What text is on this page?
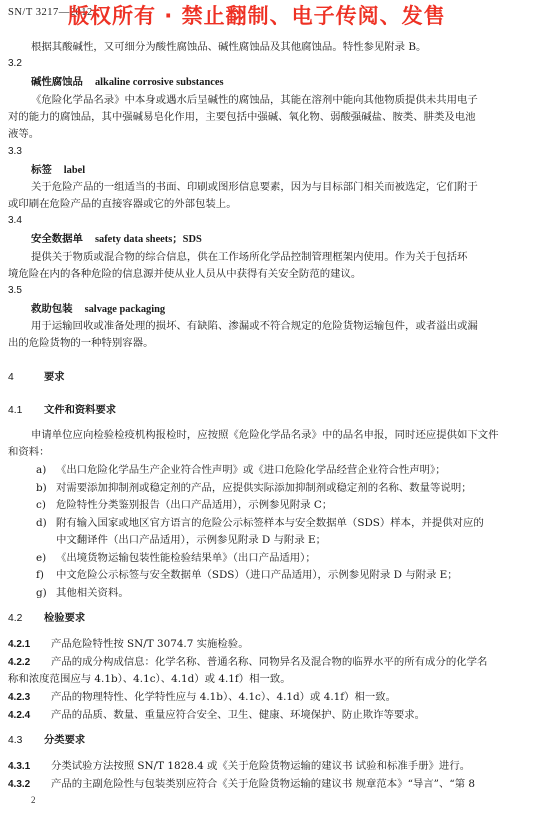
SN/T 3217—2012
版权所有 · 禁止翻制、电子传阅、发售
根据其酸碱性，又可细分为酸性腐蚀品、碱性腐蚀品及其他腐蚀品。特性参见附录 B。
3.2
碱性腐蚀品 alkaline corrosive substances
《危险化学品名录》中本身或遇水后呈碱性的腐蚀品，其能在溶剂中能向其他物质提供未共用电子
对的能力的腐蚀品，其中强碱易皂化作用，主要包括中强碱、氧化物、弱酸强碱盐、胺类、肼类及电池
液等。
3.3
标签 label
关于危险产品的一组适当的书面、印刷或图形信息要素，因为与目标部门相关而被选定，它们附于
或印刷在危险产品的直接容器或它的外部包装上。
3.4
安全数据单 safety data sheets；SDS
提供关于物质或混合物的综合信息，供在工作场所化学品控制管理框架内使用。作为关于包括环
境危险在内的各种危险的信息源并使从业人员从中获得有关安全防范的建议。
3.5
救助包装 salvage packaging
用于运输回收或准备处理的损坏、有缺陷、渗漏或不符合规定的危险货物运输包件，或者溢出或漏
出的危险货物的一种特别容器。
4	要求
4.1 文件和资料要求
申请单位应向检验检疫机构报检时，应按照《危险化学品名录》中的品名申报，同时还应提供如下文件
和资料：
a) 《出口危险化学品生产企业符合性声明》或《进口危险化学品经营企业符合性声明》；
b) 对需要添加抑制剂或稳定剂的产品，应提供实际添加抑制剂或稳定剂的名称、数量等说明；
c) 危险特性分类鉴别报告（出口产品适用），示例参见附录 C；
d) 附有输入国家或地区官方语言的危险公示标签样本与安全数据单（SDS）样本，并提供对应的
中文翻译件（出口产品适用），示例参见附录 D 与附录 E；
e) 《出境货物运输包装性能检验结果单》（出口产品适用）；
f) 中文危险公示标签与安全数据单（SDS）（进口产品适用），示例参见附录 D 与附录 E；
g) 其他相关资料。
4.2 检验要求
4.2.1 产品危险特性按 SN/T 3074.7 实施检验。
4.2.2 产品的成分构成信息：化学名称、普通名称、同物异名及混合物的临界水平的所有成分的化学名
称和浓度范围应与 4.1b）、4.1c）、4.1d）或 4.1f）相一致。
4.2.3 产品的物理特性、化学特性应与 4.1b）、4.1c）、4.1d）或 4.1f）相一致。
4.2.4 产品的品质、数量、重量应符合安全、卫生、健康、环境保护、防止欺诈等要求。
4.3 分类要求
4.3.1 分类试验方法按照 SN/T 1828.4 或《关于危险货物运输的建议书 试验和标准手册》进行。
4.3.2 产品的主副危险性与包装类别应符合《关于危险货物运输的建议书 规章范本》“导言”、“第 8
2
